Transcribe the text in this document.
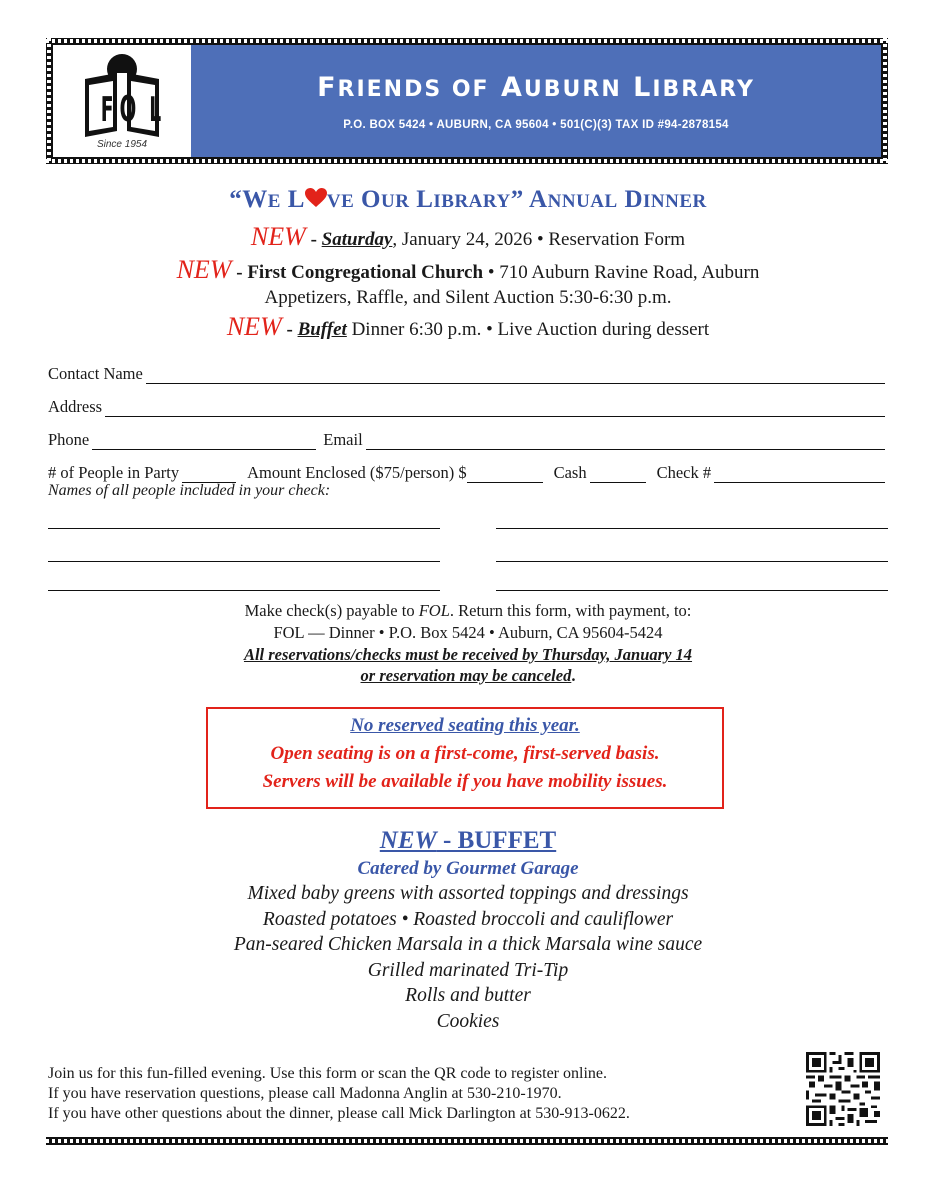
F O L
Since 1954
FRIENDS OF AUBURN LIBRARY
P.O. BOX 5424 • AUBURN, CA 95604 • 501(C)(3) TAX ID #94-2878154
“WE L VE OUR LIBRARY” ANNUAL DINNER
NEW - Saturday, January 24, 2026 • Reservation Form
NEW - First Congregational Church • 710 Auburn Ravine Road, Auburn
Appetizers, Raffle, and Silent Auction 5:30-6:30 p.m.
NEW - Buffet Dinner 6:30 p.m. • Live Auction during dessert
Contact Name
Address
Phone	Email
# of People in Party	Amount Enclosed ($75/person) $	Cash	Check #
Names of all people included in your check:
Make check(s) payable to FOL. Return this form, with payment, to:
FOL — Dinner • P.O. Box 5424 • Auburn, CA 95604-5424
All reservations/checks must be received by Thursday, January 14
or reservation may be canceled.
No reserved seating this year.
Open seating is on a first-come, first-served basis.
Servers will be available if you have mobility issues.
NEW - BUFFET
Catered by Gourmet Garage
Mixed baby greens with assorted toppings and dressings
Roasted potatoes • Roasted broccoli and cauliflower
Pan-seared Chicken Marsala in a thick Marsala wine sauce
Grilled marinated Tri-Tip
Rolls and butter
Cookies
Join us for this fun-filled evening. Use this form or scan the QR code to register online.
If you have reservation questions, please call Madonna Anglin at 530-210-1970.
If you have other questions about the dinner, please call Mick Darlington at 530-913-0622.
